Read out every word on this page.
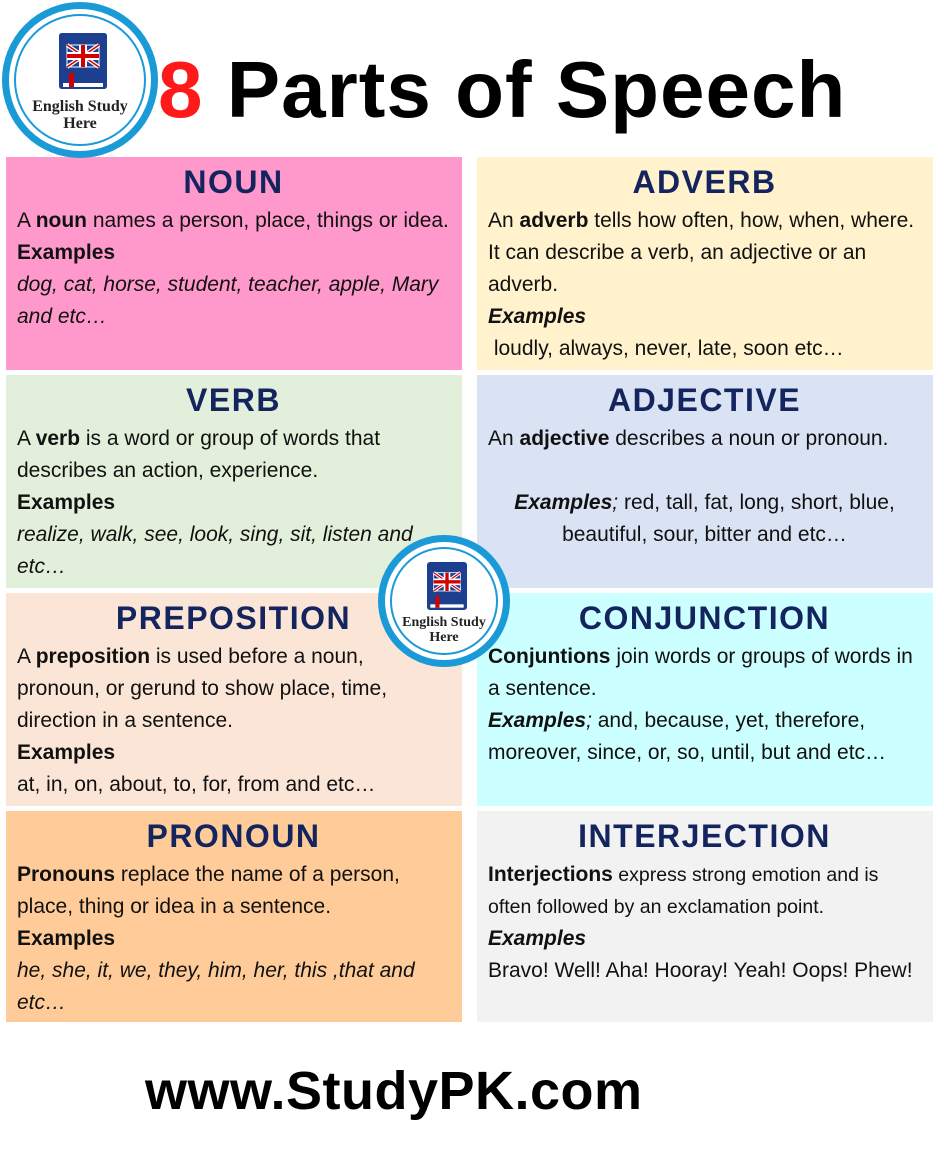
8 Parts of Speech
NOUN

A noun names a person, place, things or idea.

Examples

dog, cat, horse, student, teacher, apple, Mary and etc…

ADVERB

An adverb tells how often, how, when, where. It can describe a verb, an adjective or an adverb.

Examples

loudly, always, never, late, soon etc…

VERB

A verb is a word or group of words that describes an action, experience.

Examples

realize, walk, see, look, sing, sit, listen and etc…

ADJECTIVE

An adjective describes a noun or pronoun.

Examples; red, tall, fat, long, short, blue, beautiful, sour, bitter and etc…

PREPOSITION

A preposition is used before a noun, pronoun, or gerund to show place, time, direction in a sentence.

Examples

at, in, on, about, to, for, from and etc…

CONJUNCTION

Conjuntions join words or groups of words in a sentence.

Examples; and, because, yet, therefore, moreover, since, or, so, until, but and etc…

PRONOUN

Pronouns replace the name of a person, place, thing or idea in a sentence.

Examples

he, she, it, we, they, him, her, this ,that and etc…

INTERJECTION

Interjections express strong emotion and is often followed by an exclamation point.

Examples

Bravo! Well! Aha! Hooray! Yeah! Oops! Phew!

English Study
Here
English Study
Here
www.StudyPK.com
